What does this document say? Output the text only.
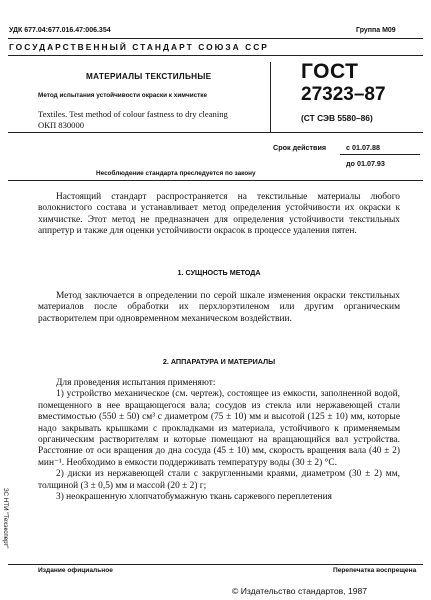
УДК 677.04:677.016.47:006.354	Группа М09
ГОСУДАРСТВЕННЫЙ СТАНДАРТ СОЮЗА ССР
МАТЕРИАЛЫ ТЕКСТИЛЬНЫЕ
Метод испытания устойчивости окраски к химчистке
Textiles. Test method of colour fastness to dry cleaning
ОКП 830000
ГОСТ
27323–87
(СТ СЭВ 5580–86)
Срок действия	с 01.07.88
до 01.07.93
Несоблюдение стандарта преследуется по закону

Настоящий стандарт распространяется на текстильные материалы любого волокнистого состава и устанавливает метод определения устойчивости их окраски к химчистке. Этот метод не предназначен для определения устойчивости текстильных аппретур и также для оценки устойчивости окрасок в процессе удаления пятен.

1. СУЩНОСТЬ МЕТОДА

Метод заключается в определении по серой шкале изменения окраски текстильных материалов после обработки их перхлорэтиленом или другим органическим растворителем при одновременном механическом воздействии.

2. АППАРАТУРА И МАТЕРИАЛЫ

Для проведения испытания применяют:

1) устройство механическое (см. чертеж), состоящее из емкости, заполненной водой, помещенного в нее вращающегося вала; сосудов из стекла или нержавеющей стали вместимостью (550 ± 50) см³ с диаметром (75 ± 10) мм и высотой (125 ± 10) мм, которые надо закрывать крышками с прокладками из материала, устойчивого к применяемым органическим растворителям и которые помещают на вращающийся вал устройства. Расстояние от оси вращения до дна сосуда (45 ± 10) мм, скорость вращения вала (40 ± 2) мин⁻¹. Необходимо в емкости поддерживать температуру воды (30 ± 2) °С.

2) диски из нержавеющей стали с закругленными краями, диаметром (30 ± 2) мм, толщиной (3 ± 0,5) мм и массой (20 ± 2) г;

3) неокрашенную хлопчатобумажную ткань саржевого переплетения

Издание официальное	Перепечатка воспрещена
© Издательство стандартов, 1987
ЗС НТИ "Техэксперт"
